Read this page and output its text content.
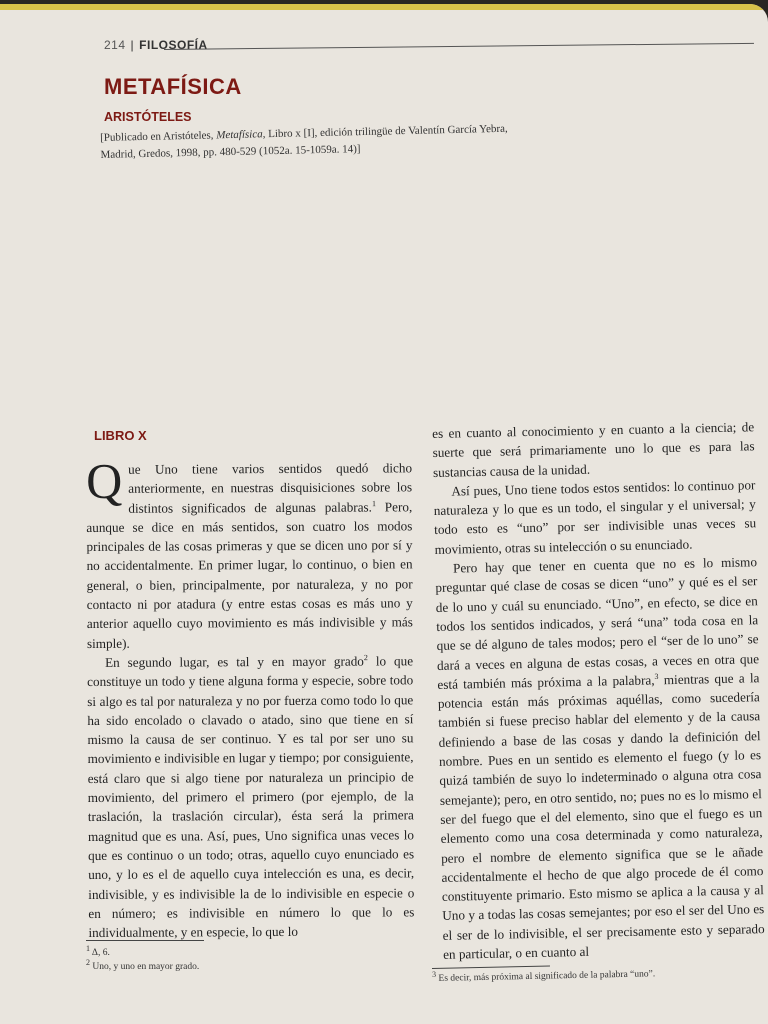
214 | FILOSOFÍA
METAFÍSICA
ARISTÓTELES
[Publicado en Aristóteles, Metafísica, Libro x [I], edición trilingüe de Valentín García Yebra, Madrid, Gredos, 1998, pp. 480-529 (1052a. 15-1059a. 14)]
LIBRO X

Que Uno tiene varios sentidos quedó dicho anteriormente, en nuestras disquisiciones sobre los distintos significados de algunas palabras.$^1$ Pero, aunque se dice en más sentidos, son cuatro los modos principales de las cosas primeras y que se dicen uno por sí y no accidentalmente. En primer lugar, lo continuo, o bien en general, o bien, principalmente, por naturaleza, y no por contacto ni por atadura (y entre estas cosas es más uno y anterior aquello cuyo movimiento es más indivisible y más simple).

En segundo lugar, es tal y en mayor grado$^2$ lo que constituye un todo y tiene alguna forma y especie, sobre todo si algo es tal por naturaleza y no por fuerza como todo lo que ha sido encolado o clavado o atado, sino que tiene en sí mismo la causa de ser continuo. Y es tal por ser uno su movimiento e indivisible en lugar y tiempo; por consiguiente, está claro que si algo tiene por naturaleza un principio de movimiento, del primero el primero (por ejemplo, de la traslación, la traslación circular), ésta será la primera magnitud que es una. Así, pues, Uno significa unas veces lo que es continuo o un todo; otras, aquello cuyo enunciado es uno, y lo es el de aquello cuya intelección es una, es decir, indivisible, y es indivisible la de lo indivisible en especie o en número; es indivisible en número lo que lo es individualmente, y en especie, lo que lo

es en cuanto al conocimiento y en cuanto a la ciencia; de suerte que será primariamente uno lo que es para las sustancias causa de la unidad.

Así pues, Uno tiene todos estos sentidos: lo continuo por naturaleza y lo que es un todo, el singular y el universal; y todo esto es “uno” por ser indivisible unas veces su movimiento, otras su intelección o su enunciado.

Pero hay que tener en cuenta que no es lo mismo preguntar qué clase de cosas se dicen “uno” y qué es el ser de lo uno y cuál su enunciado. “Uno”, en efecto, se dice en todos los sentidos indicados, y será “una” toda cosa en la que se dé alguno de tales modos; pero el “ser de lo uno” se dará a veces en alguna de estas cosas, a veces en otra que está también más próxima a la palabra,$^3$ mientras que a la potencia están más próximas aquéllas, como sucedería también si fuese preciso hablar del elemento y de la causa definiendo a base de las cosas y dando la definición del nombre. Pues en un sentido es elemento el fuego (y lo es quizá también de suyo lo indeterminado o alguna otra cosa semejante); pero, en otro sentido, no; pues no es lo mismo el ser del fuego que el del elemento, sino que el fuego es un elemento como una cosa determinada y como naturaleza, pero el nombre de elemento significa que se le añade accidentalmente el hecho de que algo procede de él como constituyente primario. Esto mismo se aplica a la causa y al Uno y a todas las cosas semejantes; por eso el ser del Uno es el ser de lo indivisible, el ser precisamente esto y separado en particular, o en cuanto al

$^1$ Δ, 6.
$^2$ Uno, y uno en mayor grado.
$^3$ Es decir, más próxima al significado de la palabra “uno”.
